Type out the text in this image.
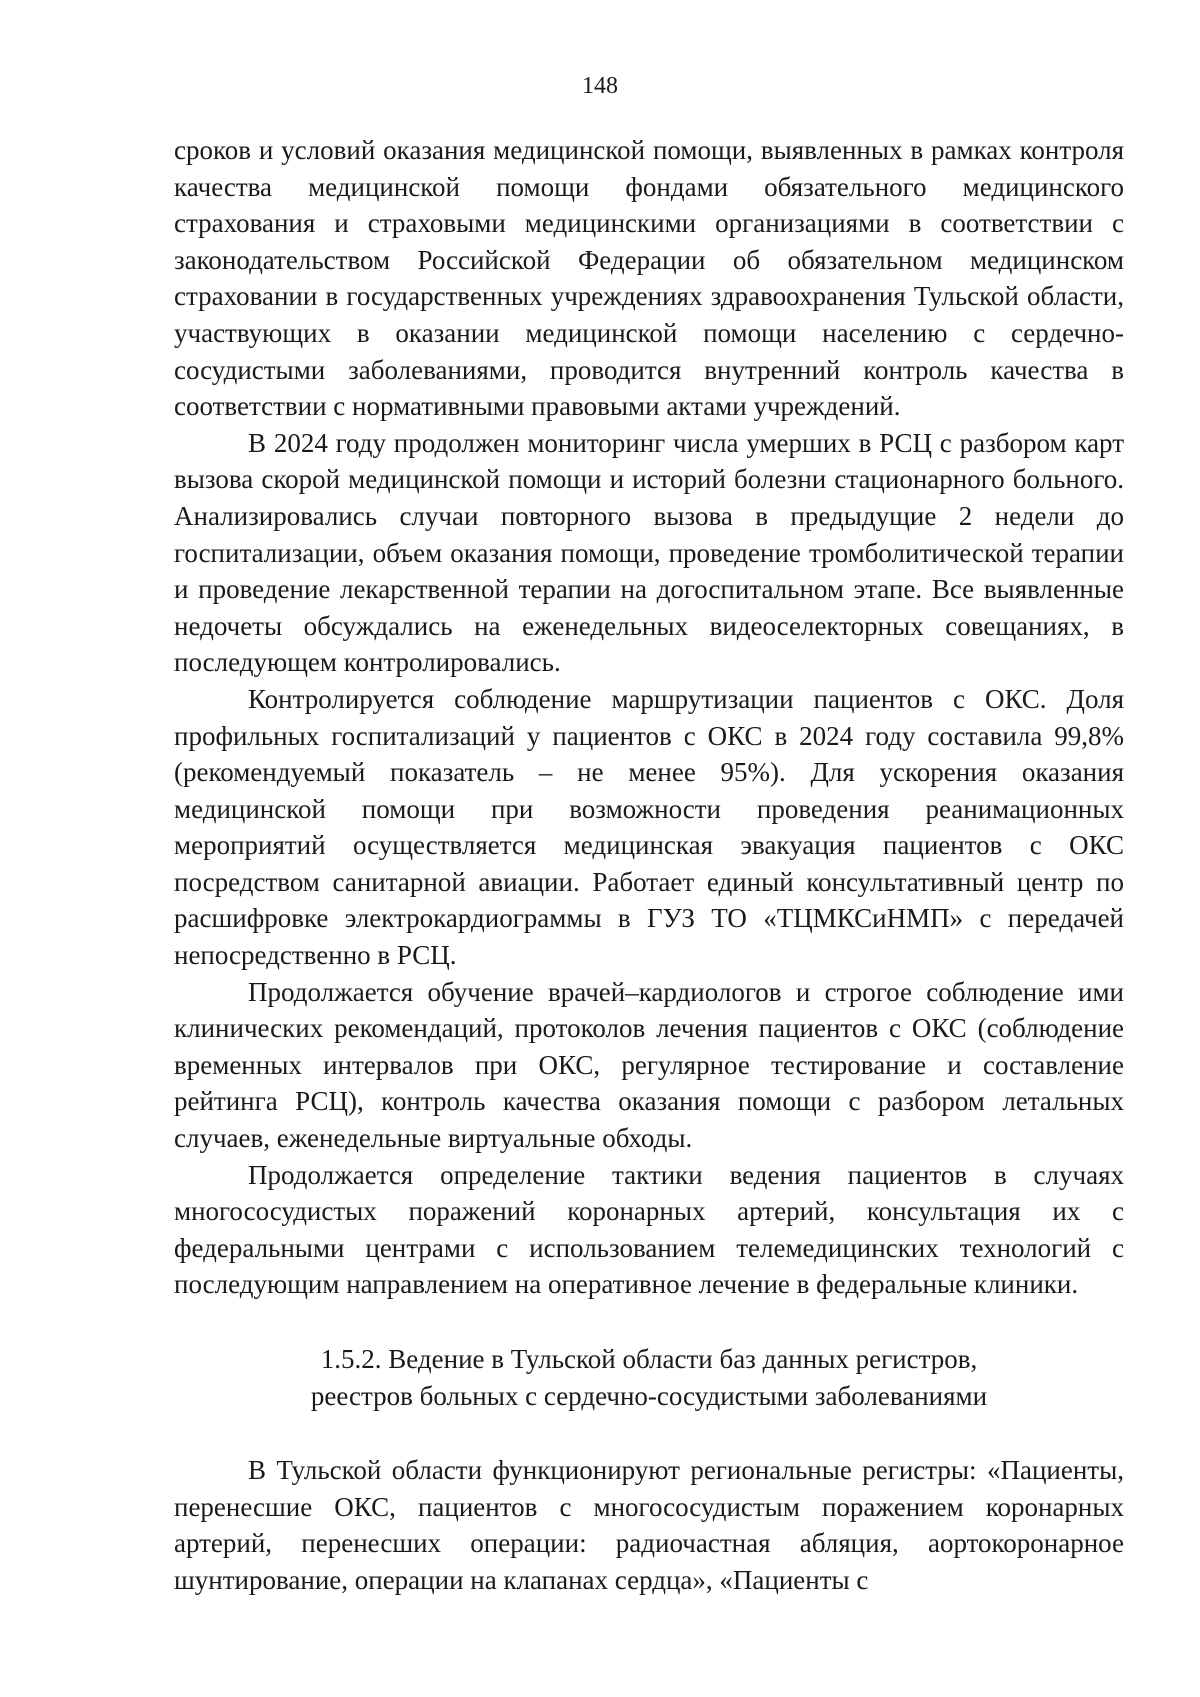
148

сроков и условий оказания медицинской помощи, выявленных в рамках контроля качества медицинской помощи фондами обязательного медицинского страхования и страховыми медицинскими организациями в соответствии с законодательством Российской Федерации об обязательном медицинском страховании в государственных учреждениях здравоохранения Тульской области, участвующих в оказании медицинской помощи населению с сердечно-сосудистыми заболеваниями, проводится внутренний контроль качества в соответствии с нормативными правовыми актами учреждений.

В 2024 году продолжен мониторинг числа умерших в РСЦ с разбором карт вызова скорой медицинской помощи и историй болезни стационарного больного. Анализировались случаи повторного вызова в предыдущие 2 недели до госпитализации, объем оказания помощи, проведение тромболитической терапии и проведение лекарственной терапии на догоспитальном этапе. Все выявленные недочеты обсуждались на еженедельных видеоселекторных совещаниях, в последующем контролировались.

Контролируется соблюдение маршрутизации пациентов с ОКС. Доля профильных госпитализаций у пациентов с ОКС в 2024 году составила 99,8% (рекомендуемый показатель – не менее 95%). Для ускорения оказания медицинской помощи при возможности проведения реанимационных мероприятий осуществляется медицинская эвакуация пациентов с ОКС посредством санитарной авиации. Работает единый консультативный центр по расшифровке электрокардиограммы в ГУЗ ТО «ТЦМКСиНМП» с передачей непосредственно в РСЦ.

Продолжается обучение врачей–кардиологов и строгое соблюдение ими клинических рекомендаций, протоколов лечения пациентов с ОКС (соблюдение временных интервалов при ОКС, регулярное тестирование и составление рейтинга РСЦ), контроль качества оказания помощи с разбором летальных случаев, еженедельные виртуальные обходы.

Продолжается определение тактики ведения пациентов в случаях многососудистых поражений коронарных артерий, консультация их с федеральными центрами с использованием телемедицинских технологий с последующим направлением на оперативное лечение в федеральные клиники.

1.5.2. Ведение в Тульской области баз данных регистров,
реестров больных с сердечно-сосудистыми заболеваниями

В Тульской области функционируют региональные регистры: «Пациенты, перенесшие ОКС, пациентов с многососудистым поражением коронарных артерий, перенесших операции: радиочастная абляция, аортокоронарное шунтирование, операции на клапанах сердца», «Пациенты с
